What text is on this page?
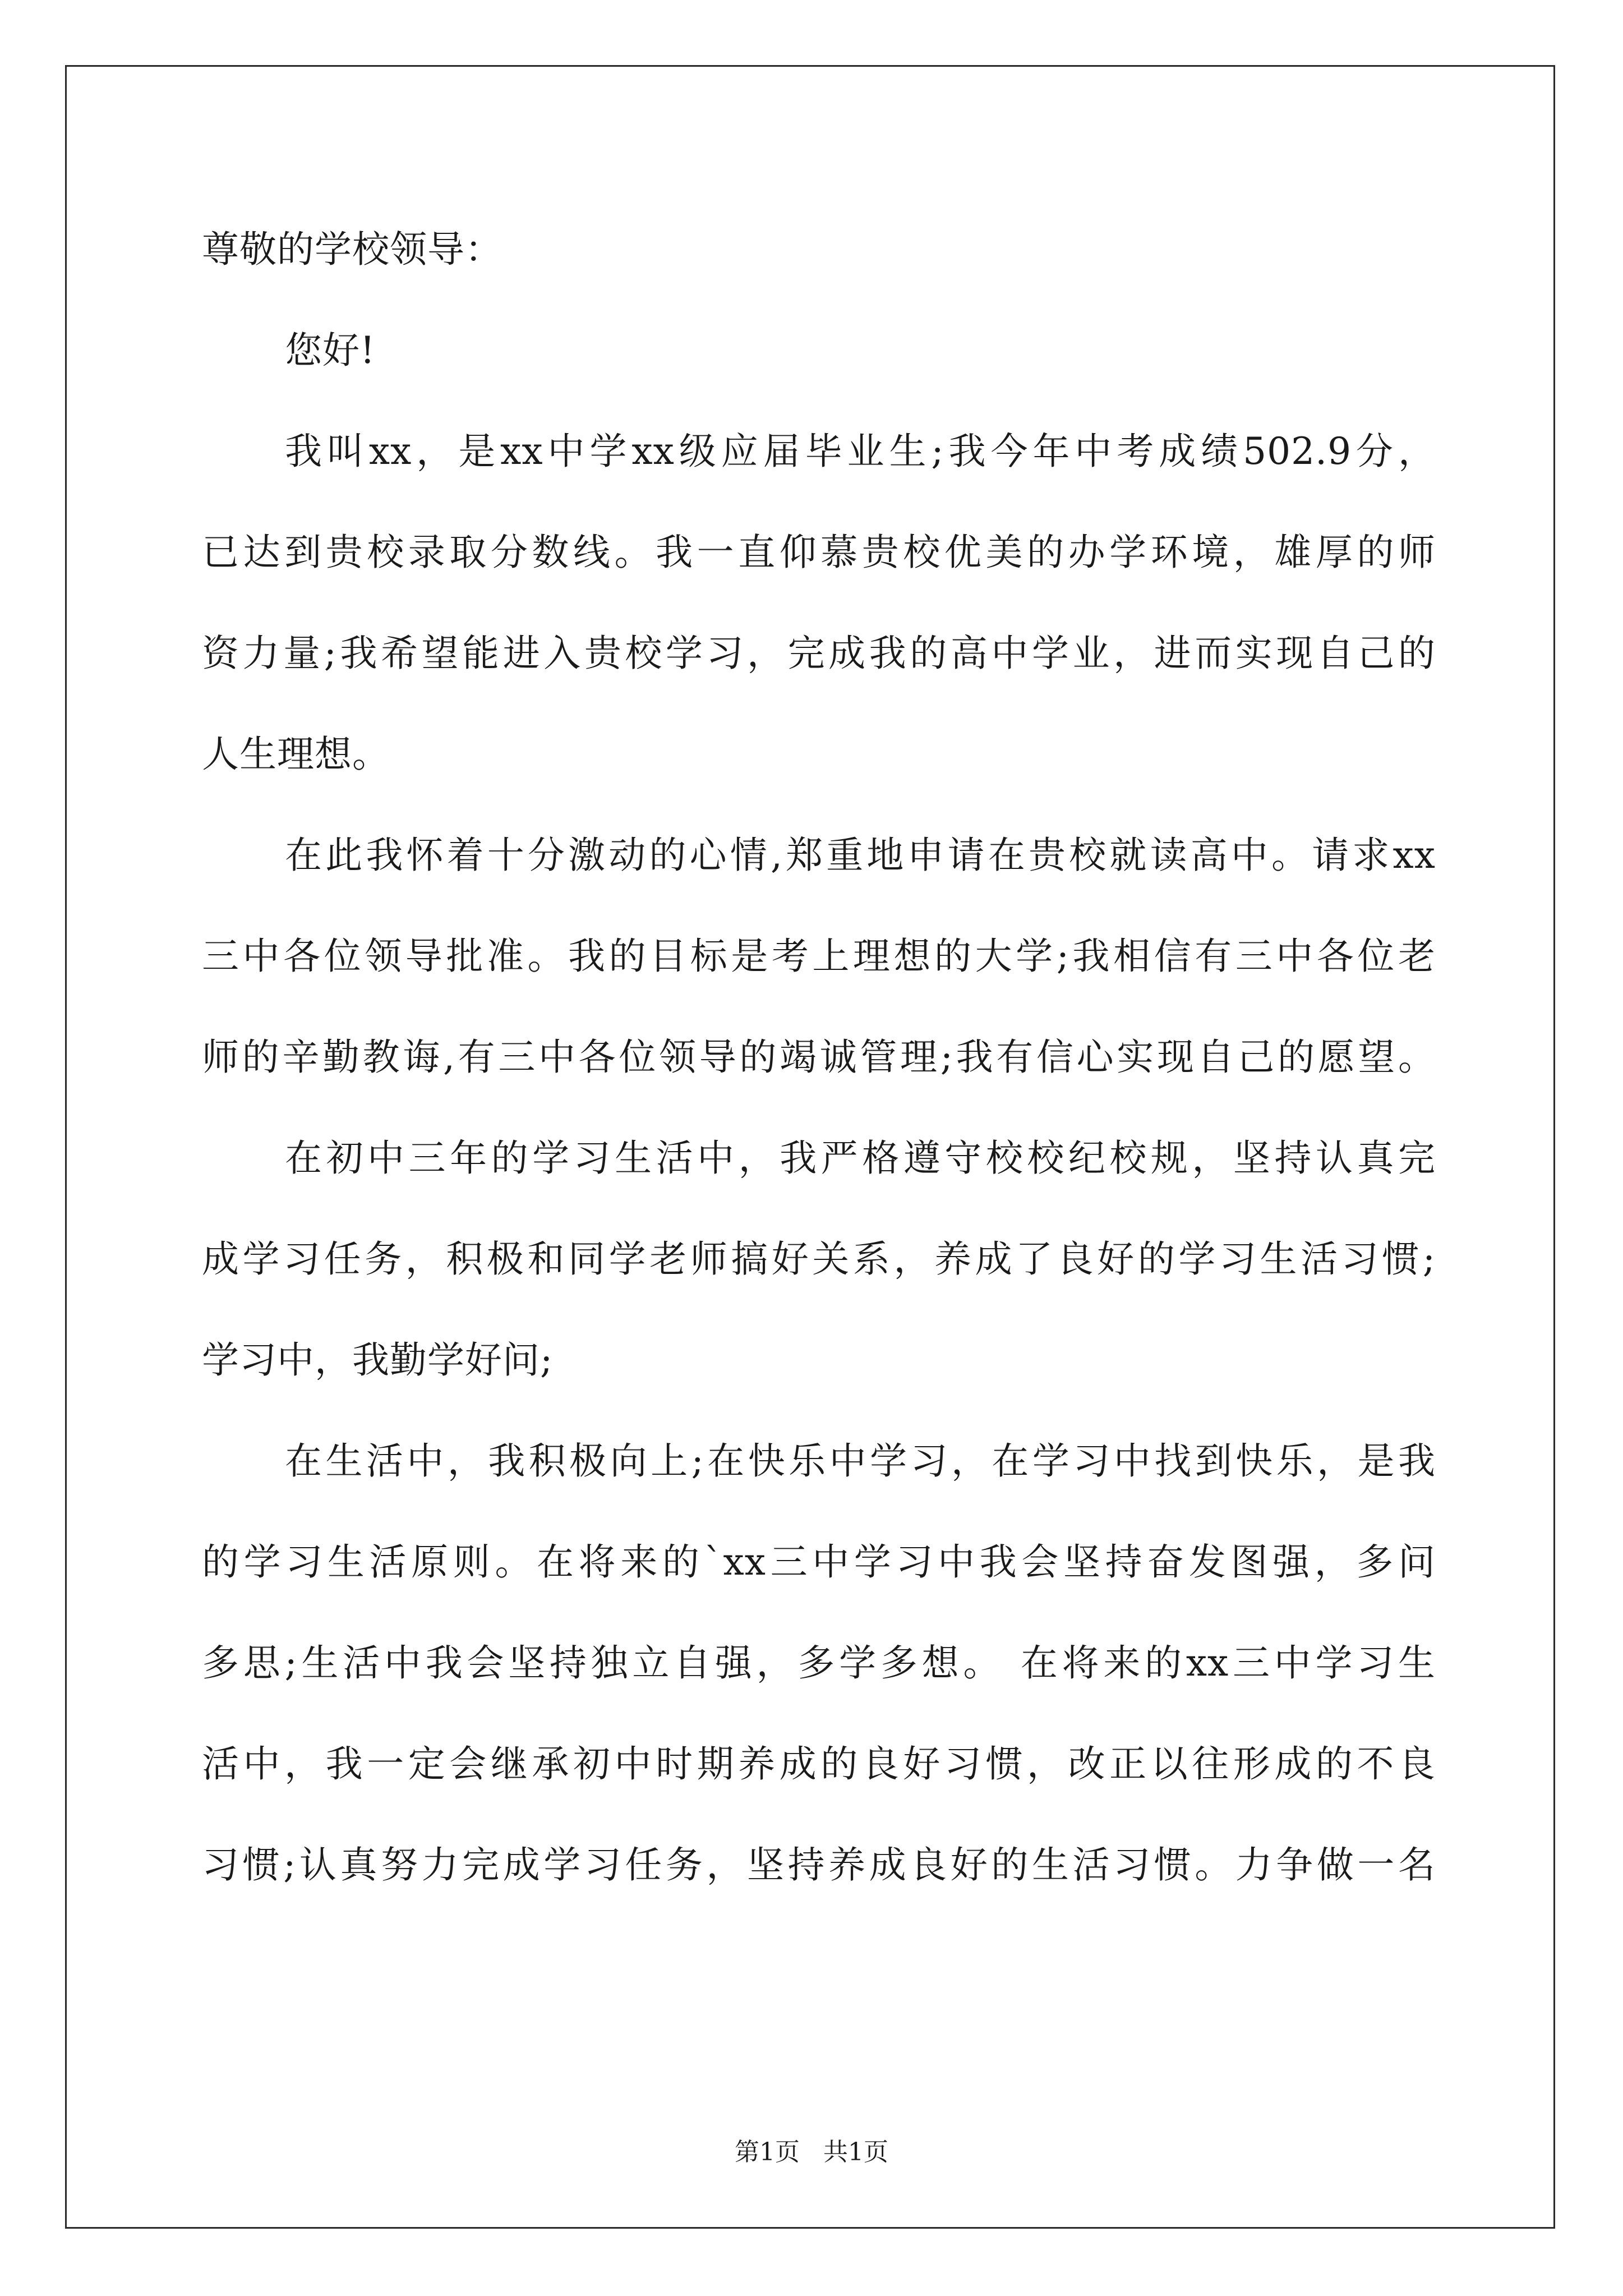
尊敬的学校领导：
您好!
我叫xx，是xx中学xx级应届毕业生;我今年中考成绩502.9分，
已达到贵校录取分数线。我一直仰慕贵校优美的办学环境，雄厚的师
资力量;我希望能进入贵校学习，完成我的高中学业，进而实现自己的
人生理想。
在此我怀着十分激动的心情,郑重地申请在贵校就读高中。请求xx
三中各位领导批准。我的目标是考上理想的大学;我相信有三中各位老
师的辛勤教诲,有三中各位领导的竭诚管理;我有信心实现自己的愿望。
在初中三年的学习生活中，我严格遵守校校纪校规，坚持认真完
成学习任务，积极和同学老师搞好关系，养成了良好的学习生活习惯;
学习中，我勤学好问;
在生活中，我积极向上;在快乐中学习，在学习中找到快乐，是我
的学习生活原则。在将来的`xx三中学习中我会坚持奋发图强，多问
多思;生活中我会坚持独立自强，多学多想。 在将来的xx三中学习生
活中，我一定会继承初中时期养成的良好习惯，改正以往形成的不良
习惯;认真努力完成学习任务，坚持养成良好的生活习惯。力争做一名
第1页   共1页
